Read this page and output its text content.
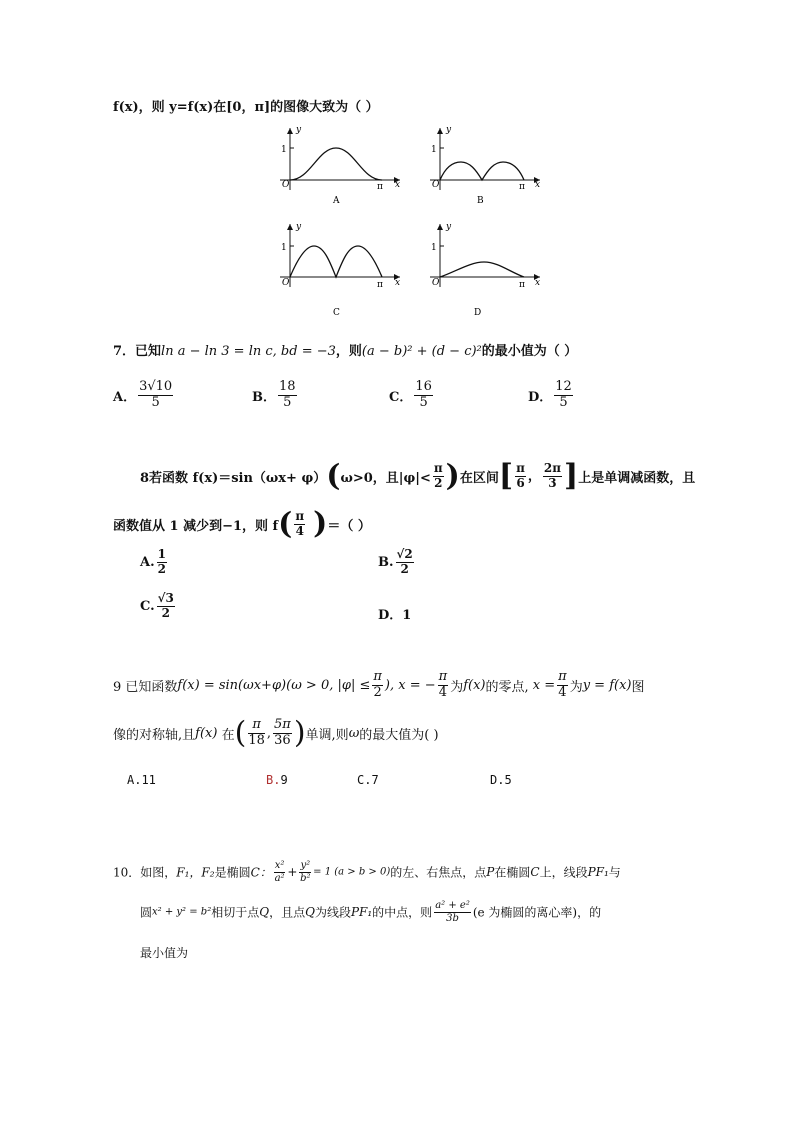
f(x)，则 y=f(x)在[0，π]的图像大致为（ ）
1
O	π x
y
A
1
O	π x
y
B
1
O	π x
y
C
1
O	π x
y
D
7．已知ln a − ln 3 = ln c, bd = −3，则(a − b)² + (d − c)²的最小值为（ ）
A． $\frac{3√10}{5}$	B． $\frac{18}{5}$	C． $\frac{16}{5}$	D． $\frac{12}{5}$
8若函数 f(x)＝sin（ωx+ φ）(ω>0，且$|\varphi|< \frac{\pi}{2}$ )在区间[ $\frac{\pi}{6}$ ， $\frac{2\pi}{3}$ ]上是单调减函数，且
函数值从 1 减少到−1，则 $f( \frac{\pi}{4}$ )＝（ ）
A. $\frac{1}{2}$	B. $\frac{√2}{2}$
C. $\frac{√3}{2}$	D．1
9 已知函数f(x) = sin(ωx+φ)(ω > 0, $|\varphi| \le \frac{\pi}{2}$ ), x = − $\frac{\pi}{4}$ 为f(x)的零点, $x = \frac{\pi}{4}$ 为y = f(x)图
像的对称轴,且f(x) 在( $\frac{\pi}{18}$ , $\frac{5\pi}{36}$ )单调,则ω的最大值为( )
A.11	B.9	C.7	D.5
10．如图，F₁，F₂是椭圆C： $\frac{\text{x²}}{\text{a²}} + \frac{\text{y²}}{\text{b²}} = 1$ (a > b > 0)的左、右焦点，点P在椭圆C上，线段PF₁与
圆x² + y² = b²相切于点Q，且点Q为线段PF₁的中点，则 $\frac{\text{a² + e²}}{3b} (e$ 为椭圆的离心率)，的
最小值为
